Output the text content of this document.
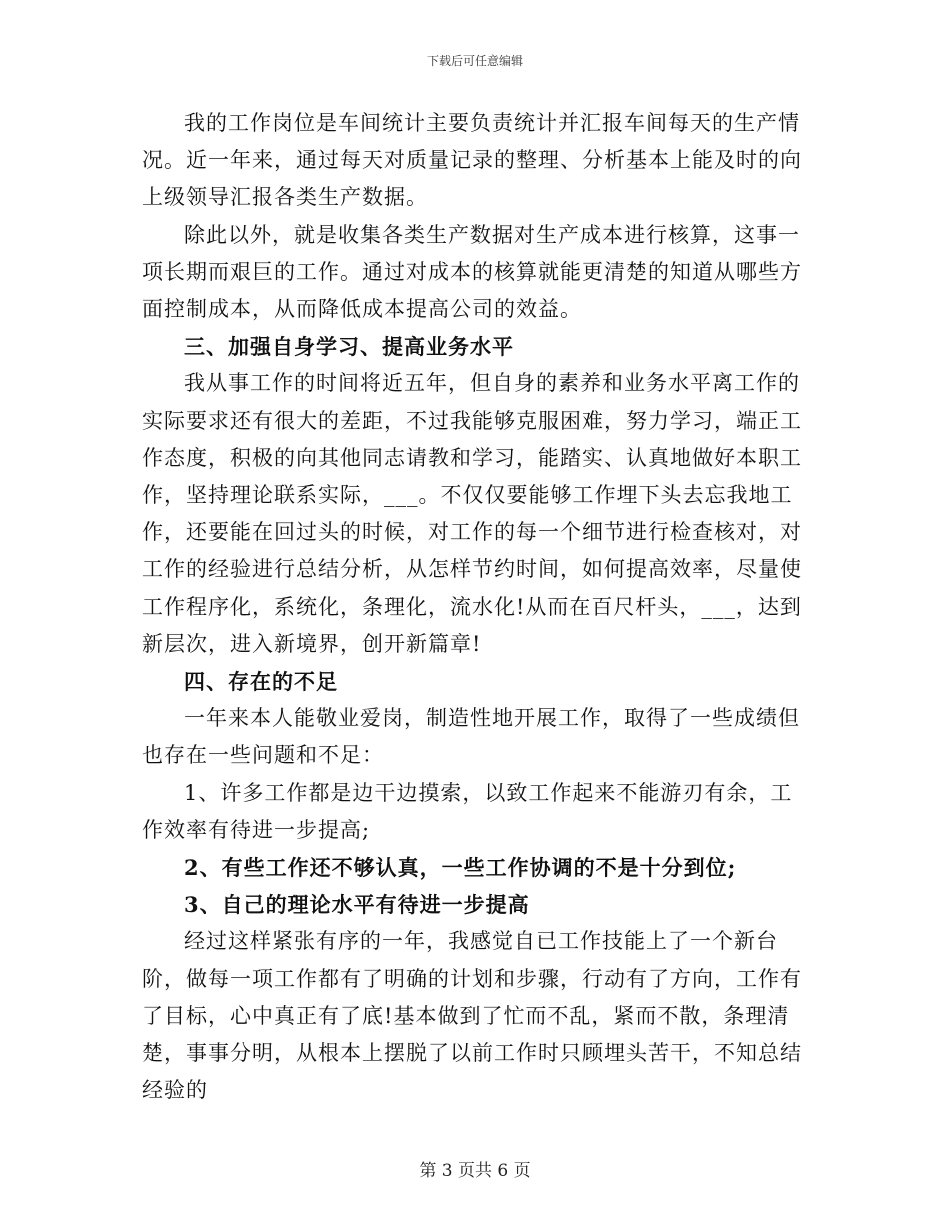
下载后可任意编辑

我的工作岗位是车间统计主要负责统计并汇报车间每天的生产情况。近一年来，通过每天对质量记录的整理、分析基本上能及时的向上级领导汇报各类生产数据。

除此以外，就是收集各类生产数据对生产成本进行核算，这事一项长期而艰巨的工作。通过对成本的核算就能更清楚的知道从哪些方面控制成本，从而降低成本提高公司的效益。

三、加强自身学习、提高业务水平

我从事工作的时间将近五年，但自身的素养和业务水平离工作的实际要求还有很大的差距，不过我能够克服困难，努力学习，端正工作态度，积极的向其他同志请教和学习，能踏实、认真地做好本职工作，坚持理论联系实际，___。不仅仅要能够工作埋下头去忘我地工作，还要能在回过头的时候，对工作的每一个细节进行检查核对，对工作的经验进行总结分析，从怎样节约时间，如何提高效率，尽量使工作程序化，系统化，条理化，流水化!从而在百尺杆头，___，达到新层次，进入新境界，创开新篇章!

四、存在的不足

一年来本人能敬业爱岗，制造性地开展工作，取得了一些成绩但也存在一些问题和不足：

1、许多工作都是边干边摸索，以致工作起来不能游刃有余，工作效率有待进一步提高;

2、有些工作还不够认真，一些工作协调的不是十分到位;

3、自己的理论水平有待进一步提高

经过这样紧张有序的一年，我感觉自已工作技能上了一个新台阶，做每一项工作都有了明确的计划和步骤，行动有了方向，工作有了目标，心中真正有了底!基本做到了忙而不乱，紧而不散，条理清楚，事事分明，从根本上摆脱了以前工作时只顾埋头苦干，不知总结经验的

第 3 页共 6 页
